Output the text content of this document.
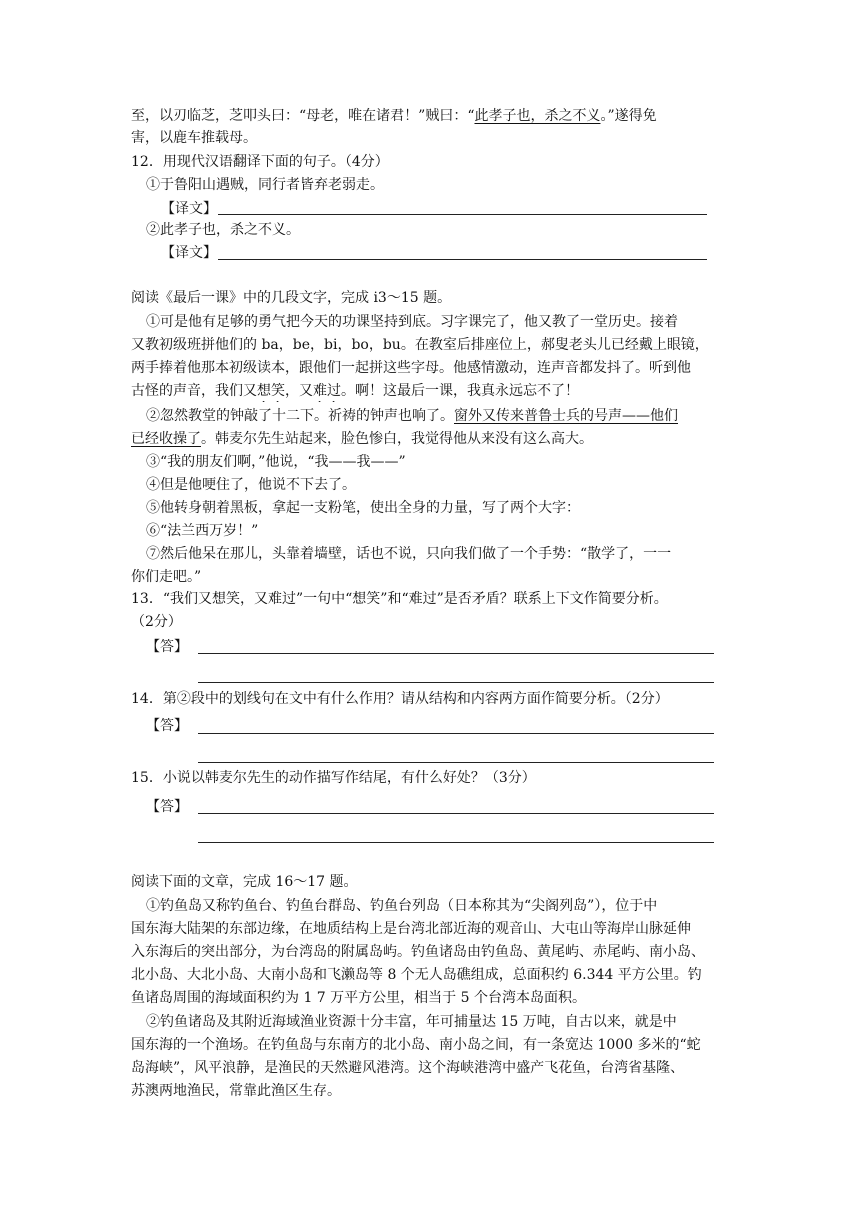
至，以刃临芝，芝叩头曰：“母老，唯在诸君！”贼曰：“此孝子也，杀之不义。”遂得免
害，以鹿车推载母。
12．用现代汉语翻译下面的句子。（4分）
①于鲁阳山遇贼，同行者皆弃老弱走。
【译文】
②此孝子也，杀之不义。
【译文】
阅读《最后一课》中的几段文字，完成 i3～15 题。
①可是他有足够的勇气把今天的功课坚持到底。习字课完了，他又教了一堂历史。接着
又教初级班拼他们的 ba，be，bi，bo，bu。在教室后排座位上，郝叟老头儿已经戴上眼镜，
两手捧着他那本初级读本，跟他们一起拼这些字母。他感情激动，连声音都发抖了。听到他
古怪的声音，我们又想笑，又难过。啊！这最后一课，我真永远忘不了！
②忽然教堂的钟敲了十二下。祈祷的钟声也响了。窗外又传来普鲁士兵的号声——他们
已经收操了。韩麦尔先生站起来，脸色惨白，我觉得他从来没有这么高大。
③“我的朋友们啊，”他说，“我——我——”
④但是他哽住了，他说不下去了。
⑤他转身朝着黑板，拿起一支粉笔，使出全身的力量，写了两个大字：
⑥“法兰西万岁！”
⑦然后他呆在那儿，头靠着墙壁，话也不说，只向我们做了一个手势：“散学了，一一
你们走吧。”
13．“我们又想笑，又难过”一句中“想笑”和“难过”是否矛盾？联系上下文作简要分析。
（2分）
【答】
14．第②段中的划线句在文中有什么作用？请从结构和内容两方面作简要分析。（2分）
【答】
15．小说以韩麦尔先生的动作描写作结尾，有什么好处？（3分）
【答】
阅读下面的文章，完成 16～17 题。
①钓鱼岛又称钓鱼台、钓鱼台群岛、钓鱼台列岛（日本称其为“尖阁列岛”），位于中
国东海大陆架的东部边缘，在地质结构上是台湾北部近海的观音山、大屯山等海岸山脉延伸
入东海后的突出部分，为台湾岛的附属岛屿。钓鱼诸岛由钓鱼岛、黄尾屿、赤尾屿、南小岛、
北小岛、大北小岛、大南小岛和飞濑岛等 8 个无人岛礁组成，总面积约 6.344 平方公里。钓
鱼诸岛周围的海域面积约为 1 7 万平方公里，相当于 5 个台湾本岛面积。
②钓鱼诸岛及其附近海域渔业资源十分丰富，年可捕量达 15 万吨，自古以来，就是中
国东海的一个渔场。在钓鱼岛与东南方的北小岛、南小岛之间，有一条宽达 1000 多米的“蛇
岛海峡”，风平浪静，是渔民的天然避风港湾。这个海峡港湾中盛产飞花鱼，台湾省基隆、
苏澳两地渔民，常靠此渔区生存。
